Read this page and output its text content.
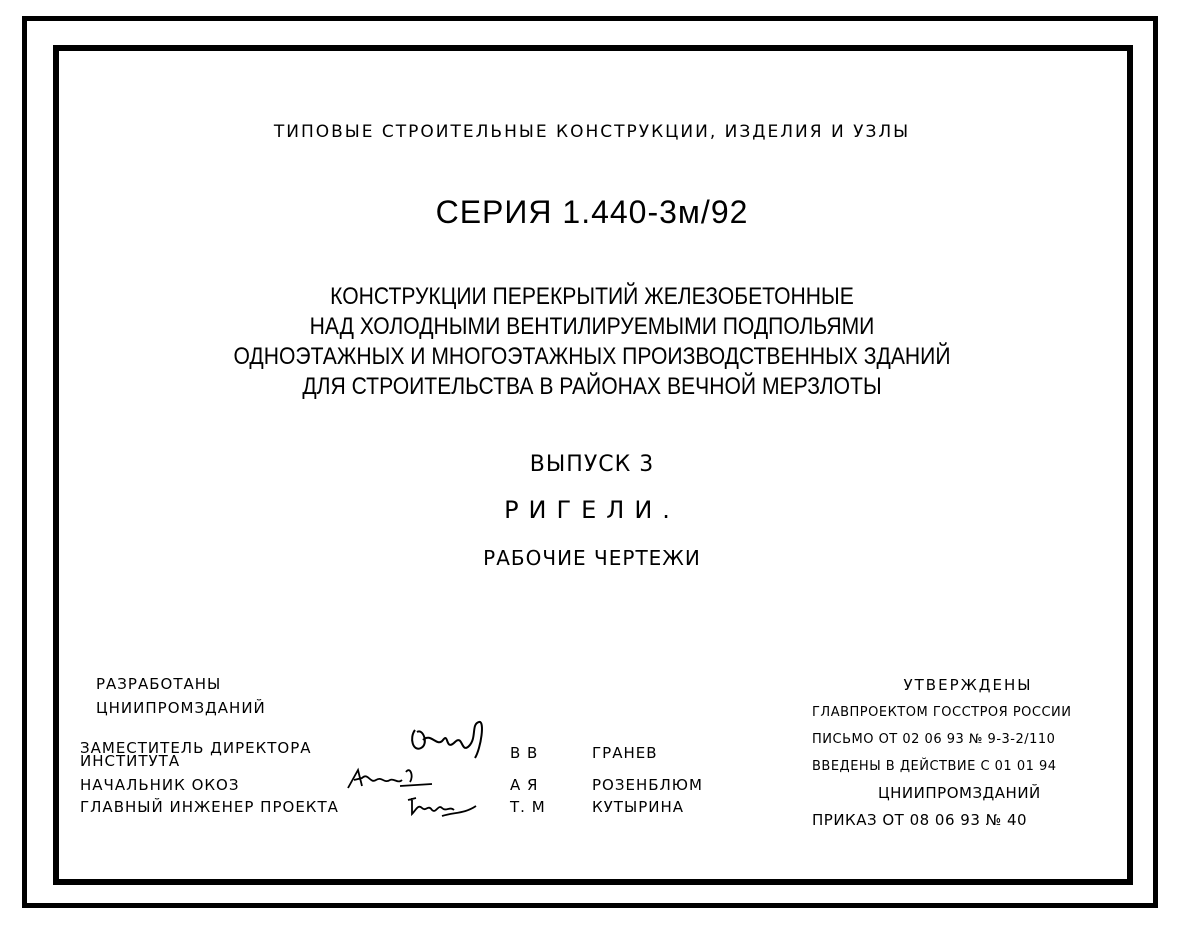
ТИПОВЫЕ СТРОИТЕЛЬНЫЕ КОНСТРУКЦИИ, ИЗДЕЛИЯ И УЗЛЫ
СЕРИЯ 1.440-3м/92
КОНСТРУКЦИИ ПЕРЕКРЫТИЙ ЖЕЛЕЗОБЕТОННЫЕ
НАД ХОЛОДНЫМИ ВЕНТИЛИРУЕМЫМИ ПОДПОЛЬЯМИ
ОДНОЭТАЖНЫХ И МНОГОЭТАЖНЫХ ПРОИЗВОДСТВЕННЫХ ЗДАНИЙ
ДЛЯ СТРОИТЕЛЬСТВА В РАЙОНАХ ВЕЧНОЙ МЕРЗЛОТЫ
ВЫПУСК 3
РИГЕЛИ.
РАБОЧИЕ ЧЕРТЕЖИ
РАЗРАБОТАНЫ
ЦНИИПРОМЗДАНИЙ
ЗАМЕСТИТЕЛЬ ДИРЕКТОРА
ИНСТИТУТА	В В	ГРАНЕВ
НАЧАЛЬНИК ОКОЗ	А Я	РОЗЕНБЛЮМ
ГЛАВНЫЙ ИНЖЕНЕР ПРОЕКТА	Т. М	КУТЫРИНА
УТВЕРЖДЕНЫ
ГЛАВПРОЕКТОМ ГОССТРОЯ РОССИИ
ПИСЬМО ОТ 02 06 93 № 9-3-2/110
ВВЕДЕНЫ В ДЕЙСТВИЕ С 01 01 94
ЦНИИПРОМЗДАНИЙ
ПРИКАЗ ОТ 08 06 93 № 40
